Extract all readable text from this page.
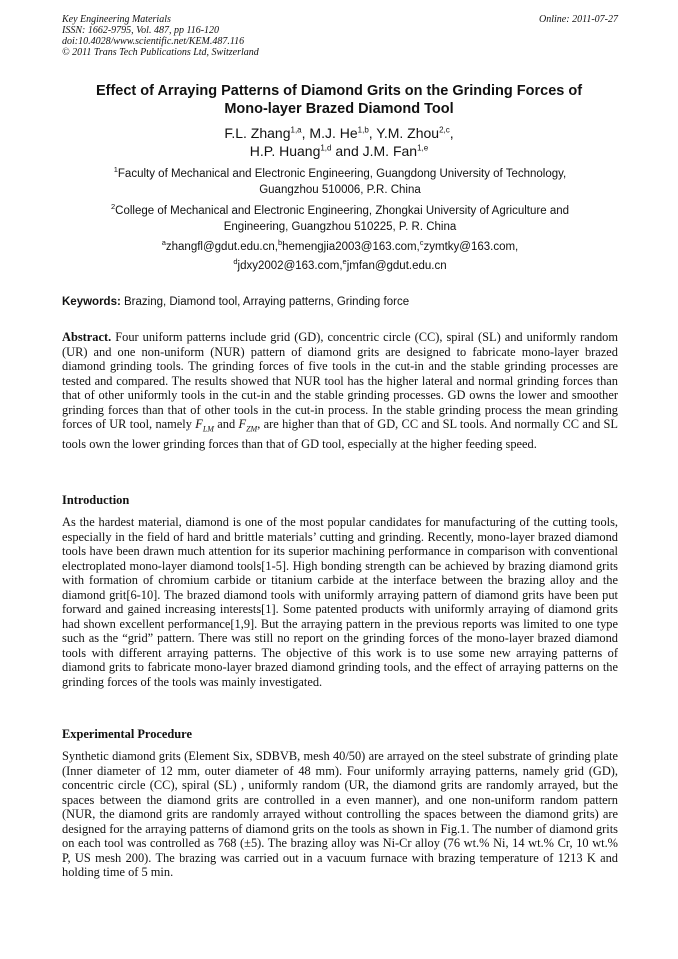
Key Engineering Materials
ISSN: 1662-9795, Vol. 487, pp 116-120
doi:10.4028/www.scientific.net/KEM.487.116
© 2011 Trans Tech Publications Ltd, Switzerland
Online: 2011-07-27
Effect of Arraying Patterns of Diamond Grits on the Grinding Forces of
Mono-layer Brazed Diamond Tool
F.L. Zhang$^{1,a}$, M.J. He$^{1,b}$, Y.M. Zhou$^{2,c}$,
H.P. Huang$^{1,d}$ and J.M. Fan$^{1,e}$
$^1$Faculty of Mechanical and Electronic Engineering, Guangdong University of Technology,
Guangzhou 510006, P.R. China
$^2$College of Mechanical and Electronic Engineering, Zhongkai University of Agriculture and
Engineering, Guangzhou 510225, P. R. China
$^a$zhangfl@gdut.edu.cn,$^b$hemengjia2003@163.com,$^c$zymtky@163.com,
$^d$jdxy2002@163.com,$^e$jmfan@gdut.edu.cn
Keywords: Brazing, Diamond tool, Arraying patterns, Grinding force
Abstract. Four uniform patterns include grid (GD), concentric circle (CC), spiral (SL) and uniformly random (UR) and one non-uniform (NUR) pattern of diamond grits are designed to fabricate mono-layer brazed diamond grinding tools. The grinding forces of five tools in the cut-in and the stable grinding processes are tested and compared. The results showed that NUR tool has the higher lateral and normal grinding forces than that of other uniformly tools in the cut-in and the stable grinding processes. GD owns the lower and smoother grinding forces than that of other tools in the cut-in process. In the stable grinding process the mean grinding forces of UR tool, namely $F_{LM}$ and $F_{ZM}$, are higher than that of GD, CC and SL tools. And normally CC and SL tools own the lower grinding forces than that of GD tool, especially at the higher feeding speed.
Introduction
As the hardest material, diamond is one of the most popular candidates for manufacturing of the cutting tools, especially in the field of hard and brittle materials’ cutting and grinding. Recently, mono-layer brazed diamond tools have been drawn much attention for its superior machining performance in comparison with conventional electroplated mono-layer diamond tools[1-5]. High bonding strength can be achieved by brazing diamond grits with formation of chromium carbide or titanium carbide at the interface between the brazing alloy and the diamond grit[6-10]. The brazed diamond tools with uniformly arraying pattern of diamond grits have been put forward and gained increasing interests[1]. Some patented products with uniformly arraying of diamond grits had shown excellent performance[1,9]. But the arraying pattern in the previous reports was limited to one type such as the “grid” pattern. There was still no report on the grinding forces of the mono-layer brazed diamond tools with different arraying patterns. The objective of this work is to use some new arraying patterns of diamond grits to fabricate mono-layer brazed diamond grinding tools, and the effect of arraying patterns on the grinding forces of the tools was mainly investigated.
Experimental Procedure
Synthetic diamond grits (Element Six, SDBVB, mesh 40/50) are arrayed on the steel substrate of grinding plate (Inner diameter of 12 mm, outer diameter of 48 mm). Four uniformly arraying patterns, namely grid (GD), concentric circle (CC), spiral (SL) , uniformly random (UR, the diamond grits are randomly arrayed, but the spaces between the diamond grits are controlled in a even manner), and one non-uniform random pattern (NUR, the diamond grits are randomly arrayed without controlling the spaces between the diamond grits) are designed for the arraying patterns of diamond grits on the tools as shown in Fig.1. The number of diamond grits on each tool was controlled as 768 (±5). The brazing alloy was Ni-Cr alloy (76 wt.% Ni, 14 wt.% Cr, 10 wt.% P, US mesh 200). The brazing was carried out in a vacuum furnace with brazing temperature of 1213 K and holding time of 5 min.
